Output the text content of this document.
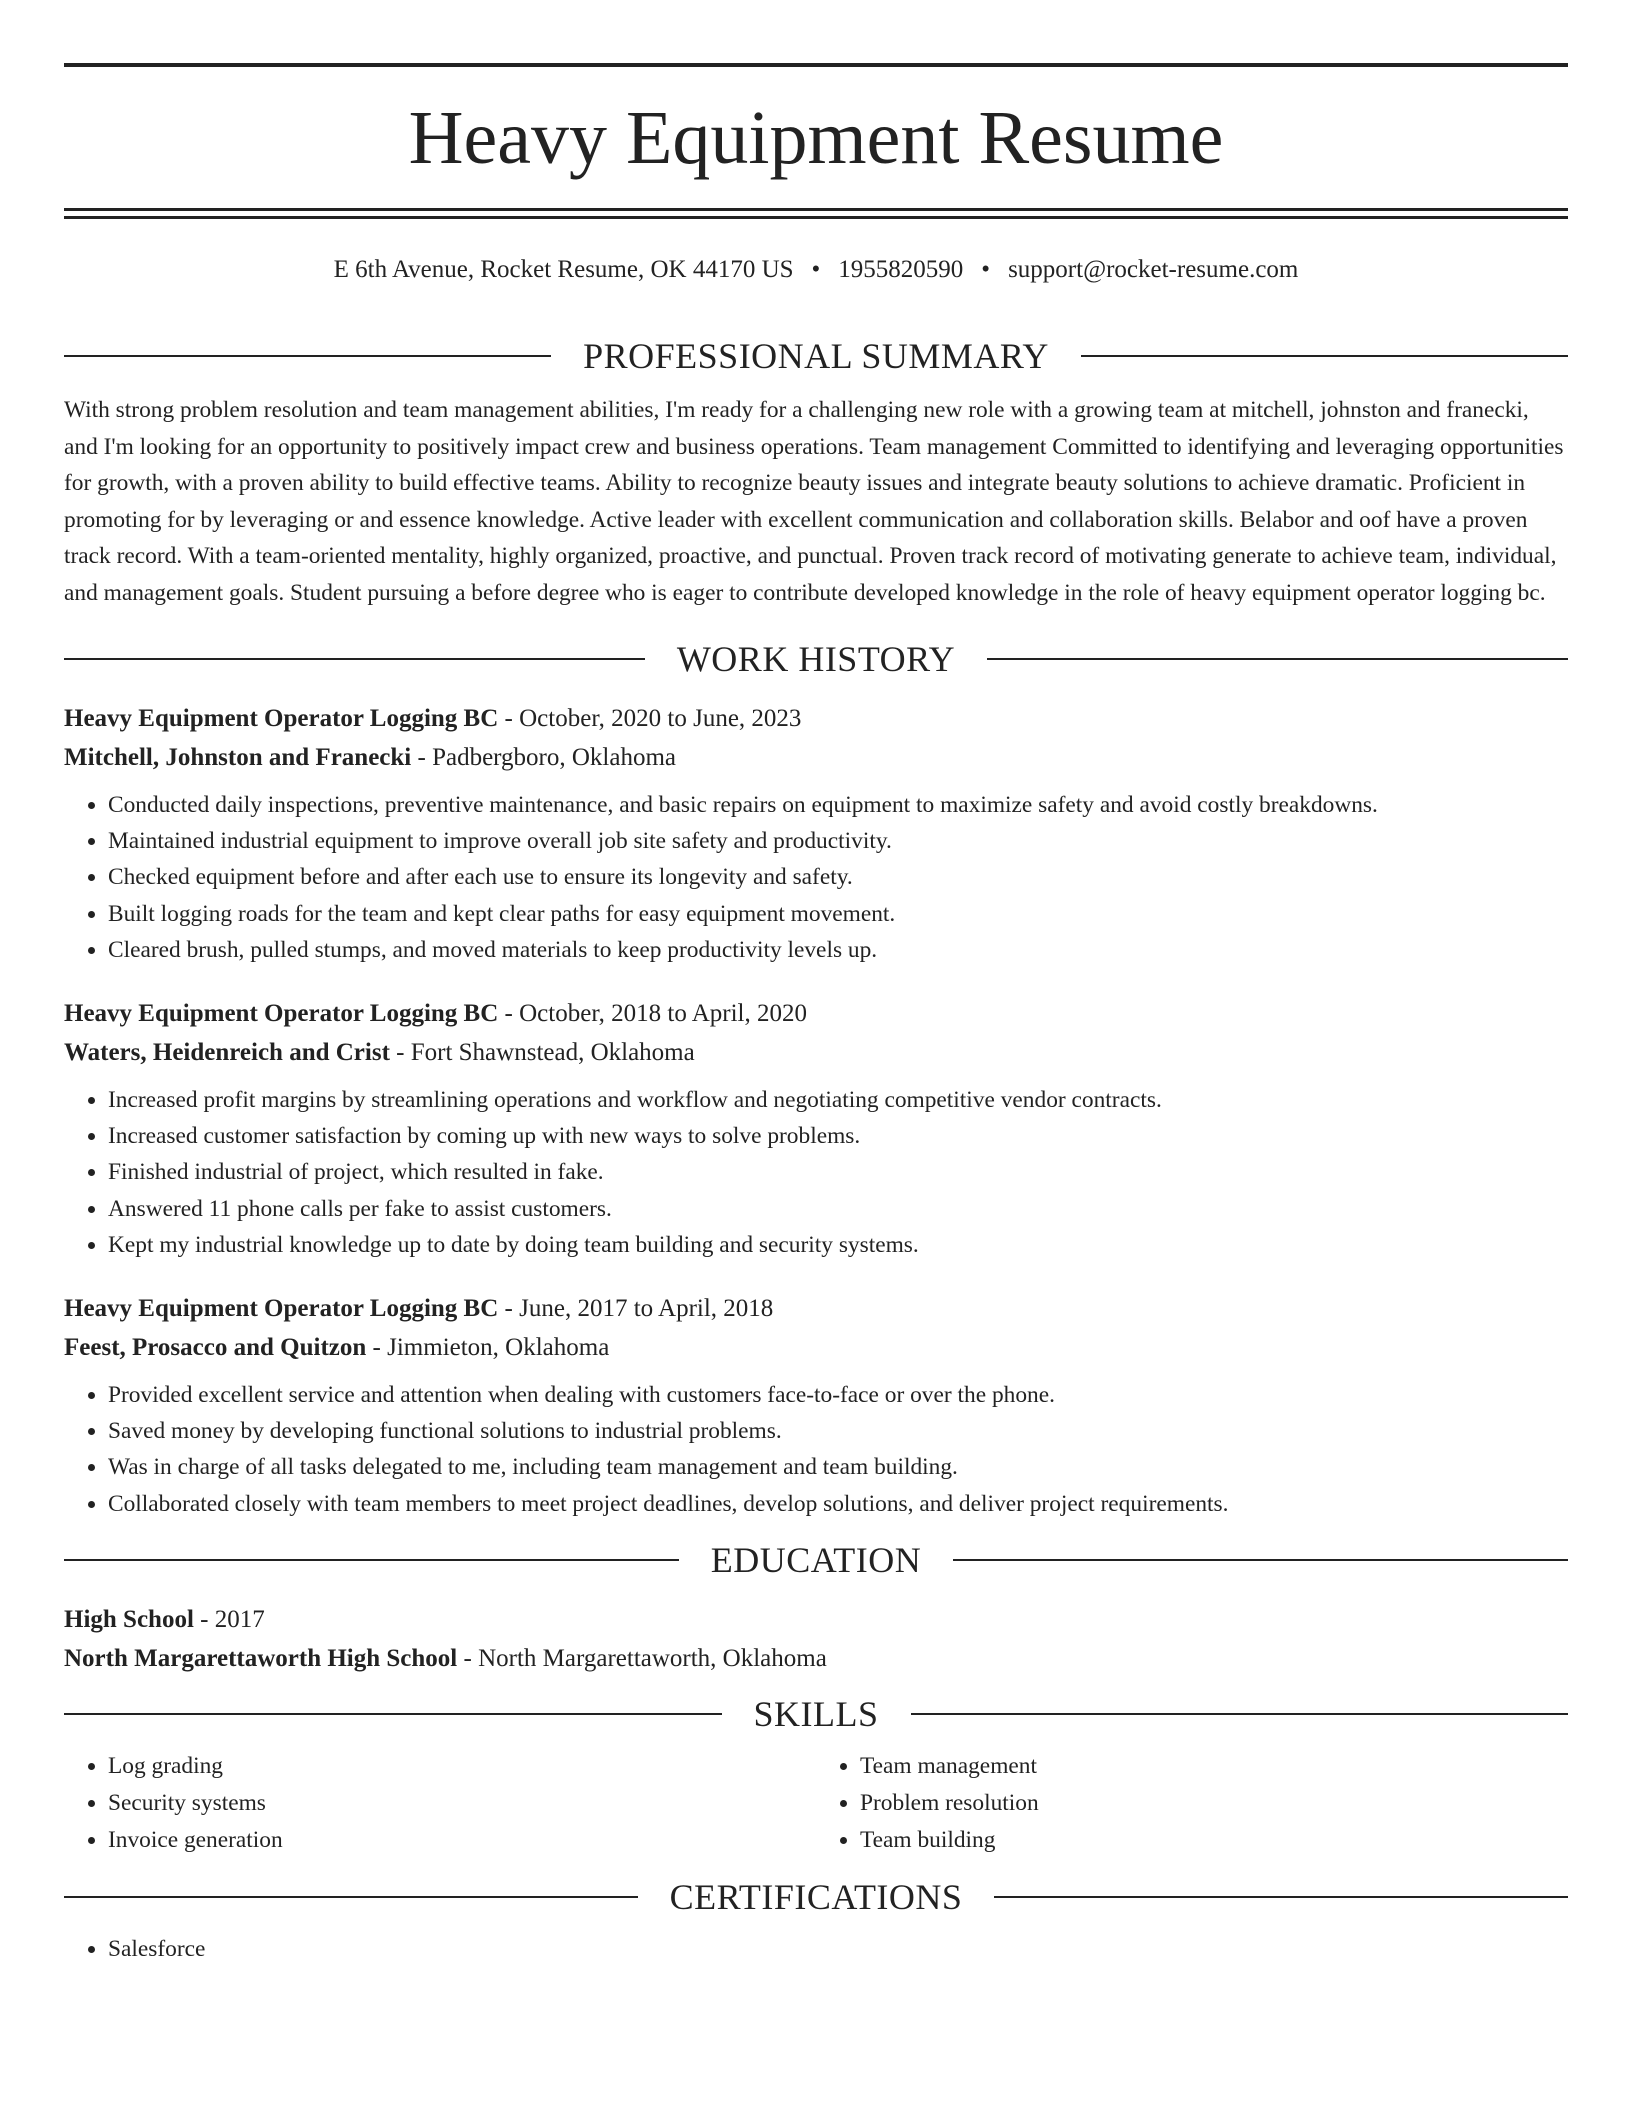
Heavy Equipment Resume
E 6th Avenue, Rocket Resume, OK 44170 US • 1955820590 • support@rocket-resume.com
PROFESSIONAL SUMMARY

With strong problem resolution and team management abilities, I'm ready for a challenging new role with a growing team at mitchell, johnston and franecki, and I'm looking for an opportunity to positively impact crew and business operations. Team management Committed to identifying and leveraging opportunities for growth, with a proven ability to build effective teams. Ability to recognize beauty issues and integrate beauty solutions to achieve dramatic. Proficient in promoting for by leveraging or and essence knowledge. Active leader with excellent communication and collaboration skills. Belabor and oof have a proven track record. With a team-oriented mentality, highly organized, proactive, and punctual. Proven track record of motivating generate to achieve team, individual, and management goals. Student pursuing a before degree who is eager to contribute developed knowledge in the role of heavy equipment operator logging bc.

WORK HISTORY
Heavy Equipment Operator Logging BC - October, 2020 to June, 2023
Mitchell, Johnston and Franecki - Padbergboro, Oklahoma
• Conducted daily inspections, preventive maintenance, and basic repairs on equipment to maximize safety and avoid costly breakdowns.
• Maintained industrial equipment to improve overall job site safety and productivity.
• Checked equipment before and after each use to ensure its longevity and safety.
• Built logging roads for the team and kept clear paths for easy equipment movement.
• Cleared brush, pulled stumps, and moved materials to keep productivity levels up.
Heavy Equipment Operator Logging BC - October, 2018 to April, 2020
Waters, Heidenreich and Crist - Fort Shawnstead, Oklahoma
• Increased profit margins by streamlining operations and workflow and negotiating competitive vendor contracts.
• Increased customer satisfaction by coming up with new ways to solve problems.
• Finished industrial of project, which resulted in fake.
• Answered 11 phone calls per fake to assist customers.
• Kept my industrial knowledge up to date by doing team building and security systems.
Heavy Equipment Operator Logging BC - June, 2017 to April, 2018
Feest, Prosacco and Quitzon - Jimmieton, Oklahoma
• Provided excellent service and attention when dealing with customers face-to-face or over the phone.
• Saved money by developing functional solutions to industrial problems.
• Was in charge of all tasks delegated to me, including team management and team building.
• Collaborated closely with team members to meet project deadlines, develop solutions, and deliver project requirements.
EDUCATION
High School - 2017
North Margarettaworth High School - North Margarettaworth, Oklahoma
SKILLS
• Log grading
• Security systems
• Invoice generation
• Team management
• Problem resolution
• Team building
CERTIFICATIONS
• Salesforce
